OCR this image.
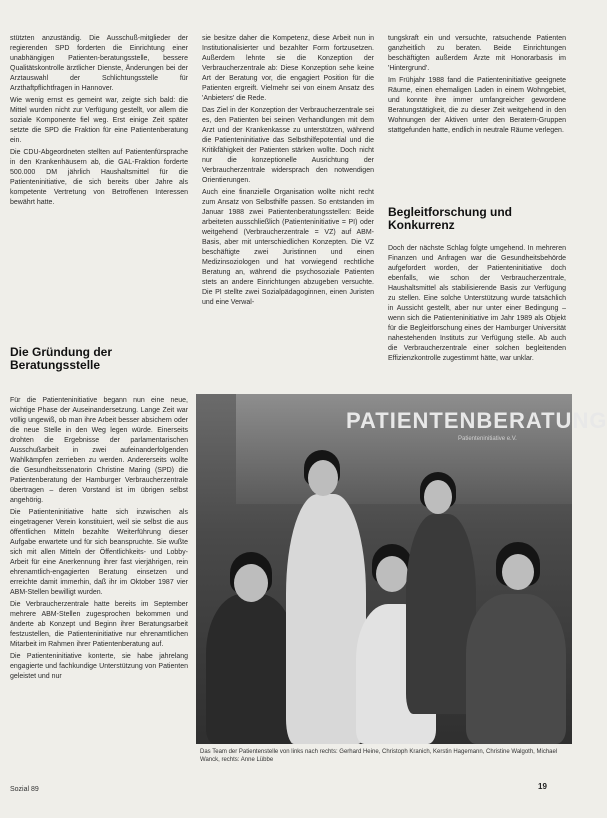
stützten anzuständig. Die Ausschuß-mitglieder der regierenden SPD forderten die Einrichtung einer unabhängigen Patienten-beratungsstelle, bessere Qualitätskontrolle ärztlicher Dienste, Änderungen bei der Arztauswahl der Schlichtungsstelle für Arzthaftpflichtfragen in Hannover.

Wie wenig ernst es gemeint war, zeigte sich bald: die Mittel wurden nicht zur Verfügung gestellt, vor allem die soziale Komponente fiel weg. Erst einige Zeit später setzte die SPD die Fraktion für eine Patientenberatung ein.

Die CDU-Abgeordneten stellten auf Patientenfürsprache in den Krankenhäusern ab, die GAL-Fraktion forderte 500.000 DM jährlich Haushaltsmittel für die Patienteninitiative, die sich bereits über Jahre als kompetente Vertretung von Betroffenen Interessen bewährt hatte.

Die Gründung der Beratungsstelle

Für die Patienteninitiative begann nun eine neue, wichtige Phase der Auseinandersetzung. Lange Zeit war völlig ungewiß, ob man ihre Arbeit besser absichern oder die neue Stelle in den Weg legen würde. Einerseits drohten die Ergebnisse der parlamentarischen Ausschußarbeit in zwei aufeinanderfolgenden Wahlkämpfen zerrieben zu werden. Andererseits wollte die Gesundheitssenatorin Christine Maring (SPD) die Patientenberatung der Hamburger Verbraucherzentrale übertragen – deren Vorstand ist im übrigen selbst angehörig.

Die Patienteninitiative hatte sich inzwischen als eingetragener Verein konstituiert, weil sie selbst die aus öffentlichen Mitteln bezahlte Weiterführung dieser Aufgabe erwartete und für sich beanspruchte. Sie wußte sich mit allen Mitteln der Öffentlichkeits- und Lobby-Arbeit für eine Anerkennung ihrer fast vierjährigen, rein ehrenamtlich-engagierten Beratung einsetzen und erreichte damit immerhin, daß ihr im Oktober 1987 vier ABM-Stellen bewilligt wurden.

Die Verbraucherzentrale hatte bereits im September mehrere ABM-Stellen zugesprochen bekommen und änderte ab Konzept und Beginn ihrer Beratungsarbeit festzustellen, die Patienteninitiative nur ehrenamtlichen Mitarbeit im Rahmen ihrer Patientenberatung auf.

Die Patienteninitiative konterte, sie habe jahrelang engagierte und fachkundige Unterstützung von Patienten geleistet und nur

sie besitze daher die Kompetenz, diese Arbeit nun in Institutionalisierter und bezahlter Form fortzusetzen. Außerdem lehnte sie die Konzeption der Verbraucherzentrale ab: Diese Konzeption sehe keine Art der Beratung vor, die engagiert Position für die Patienten ergreift. Vielmehr sei von einem Ansatz des 'Anbieters' die Rede.

Das Ziel in der Konzeption der Verbraucherzentrale sei es, den Patienten bei seinen Verhandlungen mit dem Arzt und der Krankenkasse zu unterstützen, während die Patienteninitiative das Selbsthilfepotential und die Kritikfähigkeit der Patienten stärken wollte. Doch nicht nur die konzeptionelle Ausrichtung der Verbraucherzentrale widersprach den notwendigen Orientierungen.

Auch eine finanzielle Organisation wollte nicht recht zum Ansatz von Selbsthilfe passen. So entstanden im Januar 1988 zwei Patientenberatungsstellen: Beide arbeiteten ausschließlich (Patienteninitiative = PI) oder weitgehend (Verbraucherzentrale = VZ) auf ABM-Basis, aber mit unterschiedlichen Konzepten. Die VZ beschäftigte zwei Juristinnen und einen Medizinsoziologen und hat vorwiegend rechtliche Beratung an, während die psychosoziale Patienten stets an andere Einrichtungen abzugeben versuchte. Die PI stellte zwei Sozialpädagoginnen, einen Juristen und eine Verwal-

tungskraft ein und versuchte, ratsuchende Patienten ganzheitlich zu beraten. Beide Einrichtungen beschäftigten außerdem Ärzte mit Honorarbasis im 'Hintergrund'.

Im Frühjahr 1988 fand die Patienteninitiative geeignete Räume, einen ehemaligen Laden in einem Wohngebiet, und konnte ihre immer umfangreicher gewordene Beratungstätigkeit, die zu dieser Zeit weitgehend in den Wohnungen der Aktiven unter den Beratern-Gruppen stattgefunden hatte, endlich in neutrale Räume verlegen.

Begleitforschung und Konkurrenz

Doch der nächste Schlag folgte umgehend. In mehreren Finanzen und Anfragen war die Gesundheitsbehörde aufgefordert worden, der Patienteninitiative doch ebenfalls, wie schon der Verbraucherzentrale, Haushaltsmittel als stabilisierende Basis zur Verfügung zu stellen. Eine solche Unterstützung wurde tatsächlich in Aussicht gestellt, aber nur unter einer Bedingung – wenn sich die Patienteninitiative im Jahr 1989 als Objekt für die Begleitforschung eines der Hamburger Universität nahestehenden Instituts zur Verfügung stelle. Ab auch die Verbraucherzentrale einer solchen begleitenden Effizienzkontrolle zugestimmt hätte, war unklar.

PATIENTENBERATUNG
Patienteninitiative e.V.
Das Team der Patientenstelle von links nach rechts: Gerhard Heine, Christoph Kranich, Kerstin Hagemann, Christine Walgoth, Michael Wanck, rechts: Anne Lübbe
Sozial 89	19
